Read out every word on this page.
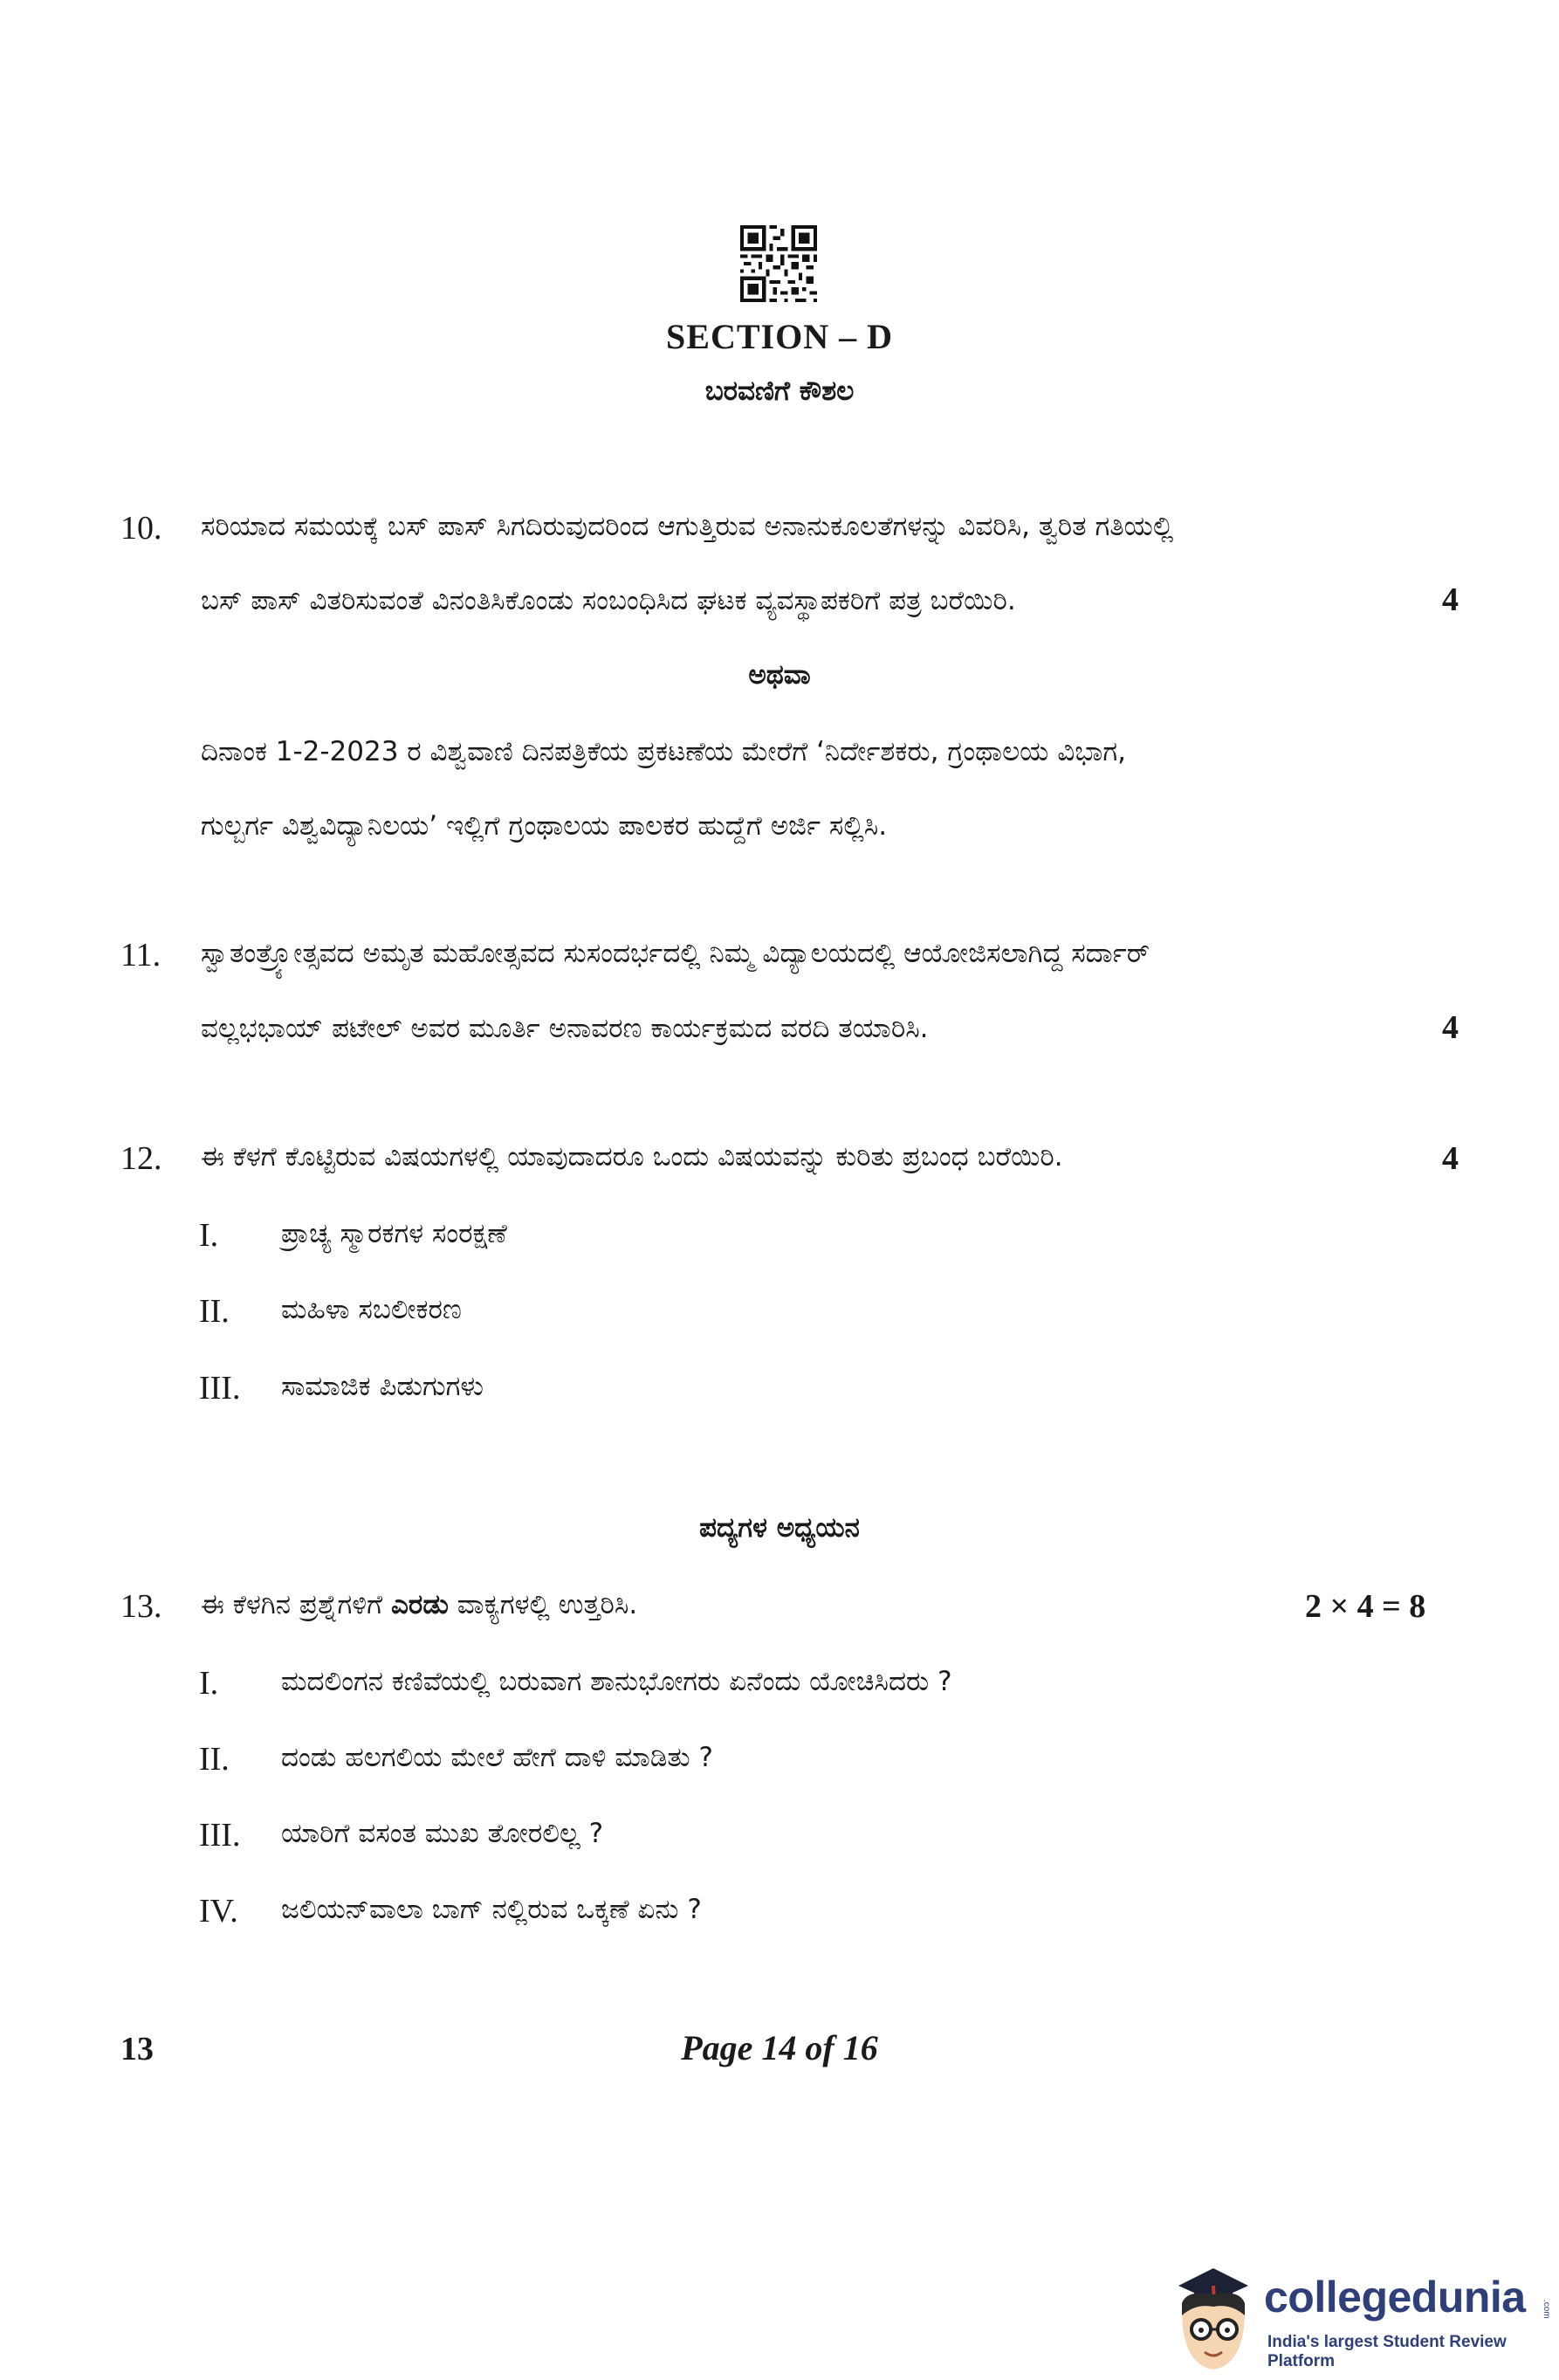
SECTION – D
ಬರವಣಿಗೆ ಕೌಶಲ
10. ಸರಿಯಾದ ಸಮಯಕ್ಕೆ ಬಸ್ ಪಾಸ್ ಸಿಗದಿರುವುದರಿಂದ ಆಗುತ್ತಿರುವ ಅನಾನುಕೂಲತೆಗಳನ್ನು ವಿವರಿಸಿ, ತ್ವರಿತ ಗತಿಯಲ್ಲಿ
ಬಸ್ ಪಾಸ್ ವಿತರಿಸುವಂತೆ ವಿನಂತಿಸಿಕೊಂಡು ಸಂಬಂಧಿಸಿದ ಘಟಕ ವ್ಯವಸ್ಥಾಪಕರಿಗೆ ಪತ್ರ ಬರೆಯಿರಿ.	4
ಅಥವಾ
ದಿನಾಂಕ 1-2-2023 ರ ವಿಶ್ವವಾಣಿ ದಿನಪತ್ರಿಕೆಯ ಪ್ರಕಟಣೆಯ ಮೇರೆಗೆ ‘ನಿರ್ದೇಶಕರು, ಗ್ರಂಥಾಲಯ ವಿಭಾಗ,
ಗುಲ್ಬರ್ಗ ವಿಶ್ವವಿದ್ಯಾನಿಲಯ’ ಇಲ್ಲಿಗೆ ಗ್ರಂಥಾಲಯ ಪಾಲಕರ ಹುದ್ದೆಗೆ ಅರ್ಜಿ ಸಲ್ಲಿಸಿ.
11. ಸ್ವಾತಂತ್ರ್ಯೋತ್ಸವದ ಅಮೃತ ಮಹೋತ್ಸವದ ಸುಸಂದರ್ಭದಲ್ಲಿ ನಿಮ್ಮ ವಿದ್ಯಾಲಯದಲ್ಲಿ ಆಯೋಜಿಸಲಾಗಿದ್ದ ಸರ್ದಾರ್
ವಲ್ಲಭಭಾಯ್ ಪಟೇಲ್ ಅವರ ಮೂರ್ತಿ ಅನಾವರಣ ಕಾರ್ಯಕ್ರಮದ ವರದಿ ತಯಾರಿಸಿ.	4
12. ಈ ಕೆಳಗೆ ಕೊಟ್ಟಿರುವ ವಿಷಯಗಳಲ್ಲಿ ಯಾವುದಾದರೂ ಒಂದು ವಿಷಯವನ್ನು ಕುರಿತು ಪ್ರಬಂಧ ಬರೆಯಿರಿ.	4
I. ಪ್ರಾಚ್ಯ ಸ್ಮಾರಕಗಳ ಸಂರಕ್ಷಣೆ
II. ಮಹಿಳಾ ಸಬಲೀಕರಣ
III. ಸಾಮಾಜಿಕ ಪಿಡುಗುಗಳು
ಪದ್ಯಗಳ ಅಧ್ಯಯನ
13. ಈ ಕೆಳಗಿನ ಪ್ರಶ್ನೆಗಳಿಗೆ ಎರಡು ವಾಕ್ಯಗಳಲ್ಲಿ ಉತ್ತರಿಸಿ.	2 × 4 = 8
I. ಮದಲಿಂಗನ ಕಣಿವೆಯಲ್ಲಿ ಬರುವಾಗ ಶಾನುಭೋಗರು ಏನೆಂದು ಯೋಚಿಸಿದರು ?
II. ದಂಡು ಹಲಗಲಿಯ ಮೇಲೆ ಹೇಗೆ ದಾಳಿ ಮಾಡಿತು ?
III. ಯಾರಿಗೆ ವಸಂತ ಮುಖ ತೋರಲಿಲ್ಲ ?
IV. ಜಲಿಯನ್‌ವಾಲಾ ಬಾಗ್ ನಲ್ಲಿರುವ ಒಕ್ಕಣೆ ಏನು ?
13	Page 14 of 16
collegedunia .com
India's largest Student Review Platform
